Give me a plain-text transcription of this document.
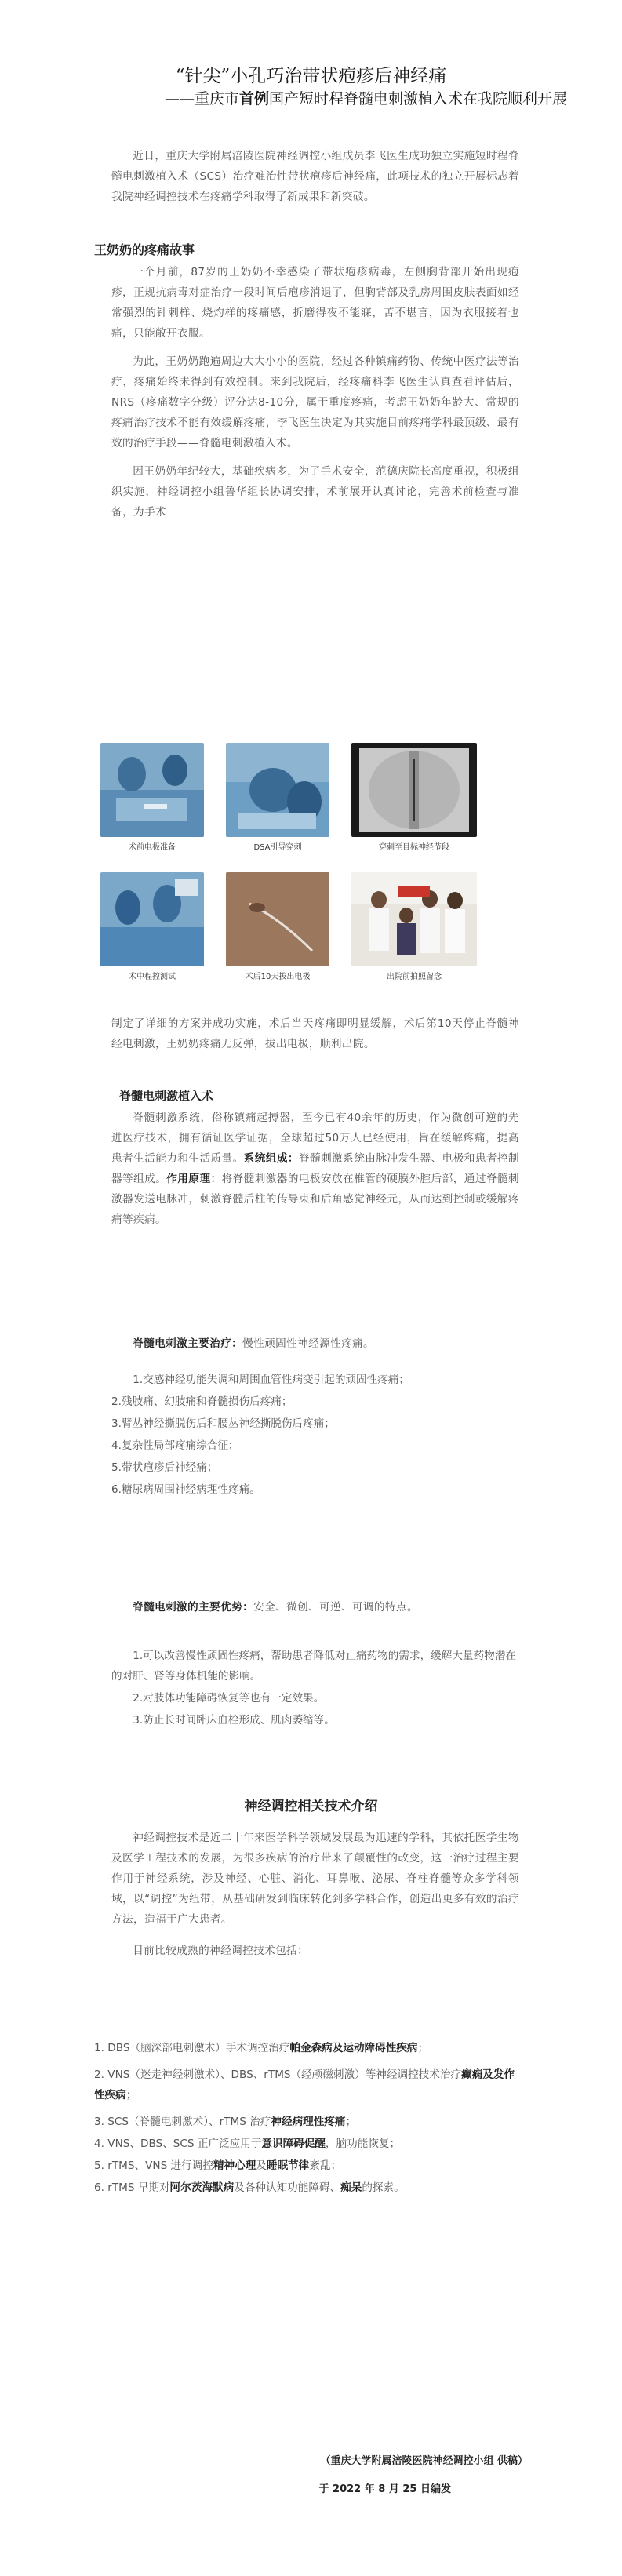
“针尖”小孔巧治带状疱疹后神经痛
——重庆市首例国产短时程脊髓电刺激植入术在我院顺利开展

近日，重庆大学附属涪陵医院神经调控小组成员李飞医生成功独立实施短时程脊髓电刺激植入术（SCS）治疗难治性带状疱疹后神经痛，此项技术的独立开展标志着我院神经调控技术在疼痛学科取得了新成果和新突破。

王奶奶的疼痛故事

一个月前，87岁的王奶奶不幸感染了带状疱疹病毒，左侧胸背部开始出现疱疹，正规抗病毒对症治疗一段时间后疱疹消退了，但胸背部及乳房周围皮肤表面如经常强烈的针刺样、烧灼样的疼痛感，折磨得夜不能寐，苦不堪言，因为衣服接着也痛，只能敞开衣服。

为此，王奶奶跑遍周边大大小小的医院，经过各种镇痛药物、传统中医疗法等治疗，疼痛始终未得到有效控制。来到我院后，经疼痛科李飞医生认真查看评估后，NRS（疼痛数字分级）评分达8-10分，属于重度疼痛，考虑王奶奶年龄大、常规的疼痛治疗技术不能有效缓解疼痛，李飞医生决定为其实施目前疼痛学科最顶级、最有效的治疗手段——脊髓电刺激植入术。

因王奶奶年纪较大，基础疾病多，为了手术安全，范德庆院长高度重视，积极组织实施，神经调控小组鲁华组长协调安排，术前展开认真讨论，完善术前检查与准备，为手术

术前电极准备	DSA引导穿刺	穿刺至目标神经节段
术中程控测试	术后10天拔出电极	出院前拍照留念

制定了详细的方案并成功实施，术后当天疼痛即明显缓解，术后第10天停止脊髓神经电刺激，王奶奶疼痛无反弹，拔出电极，顺利出院。

脊髓电刺激植入术

脊髓刺激系统，俗称镇痛起搏器，至今已有40余年的历史，作为微创可逆的先进医疗技术，拥有循证医学证据，全球超过50万人已经使用，旨在缓解疼痛，提高患者生活能力和生活质量。系统组成：脊髓刺激系统由脉冲发生器、电极和患者控制器等组成。作用原理：将脊髓刺激器的电极安放在椎管的硬膜外腔后部，通过脊髓刺激器发送电脉冲，刺激脊髓后柱的传导束和后角感觉神经元，从而达到控制或缓解疼痛等疾病。

脊髓电刺激主要治疗：慢性顽固性神经源性疼痛。

1.交感神经功能失调和周围血管性病变引起的顽固性疼痛；
2.残肢痛、幻肢痛和脊髓损伤后疼痛；
3.臂丛神经撕脱伤后和腰丛神经撕脱伤后疼痛；
4.复杂性局部疼痛综合征；
5.带状疱疹后神经痛；
6.糖尿病周围神经病理性疼痛。

脊髓电刺激的主要优势：安全、微创、可逆、可调的特点。

1.可以改善慢性顽固性疼痛，帮助患者降低对止痛药物的需求，缓解大量药物潜在的对肝、肾等身体机能的影响。
2.对肢体功能障碍恢复等也有一定效果。
3.防止长时间卧床血栓形成、肌肉萎缩等。
神经调控相关技术介绍

神经调控技术是近二十年来医学科学领域发展最为迅速的学科，其依托医学生物及医学工程技术的发展，为很多疾病的治疗带来了颠覆性的改变，这一治疗过程主要作用于神经系统，涉及神经、心脏、消化、耳鼻喉、泌尿、脊柱脊髓等众多学科领域，以“调控”为纽带，从基础研发到临床转化到多学科合作，创造出更多有效的治疗方法，造福于广大患者。

目前比较成熟的神经调控技术包括：

1. DBS（脑深部电刺激术）手术调控治疗帕金森病及运动障碍性疾病；
2. VNS（迷走神经刺激术）、DBS、rTMS（经颅磁刺激）等神经调控技术治疗癫痫及发作性疾病；
3. SCS（脊髓电刺激术）、rTMS 治疗神经病理性疼痛；
4. VNS、DBS、SCS 正广泛应用于意识障碍促醒，脑功能恢复；
5. rTMS、VNS 进行调控精神心理及睡眠节律紊乱；
6. rTMS 早期对阿尔茨海默病及各种认知功能障碍、痴呆的探索。
（重庆大学附属涪陵医院神经调控小组 供稿）
于 2022 年 8 月 25 日编发
